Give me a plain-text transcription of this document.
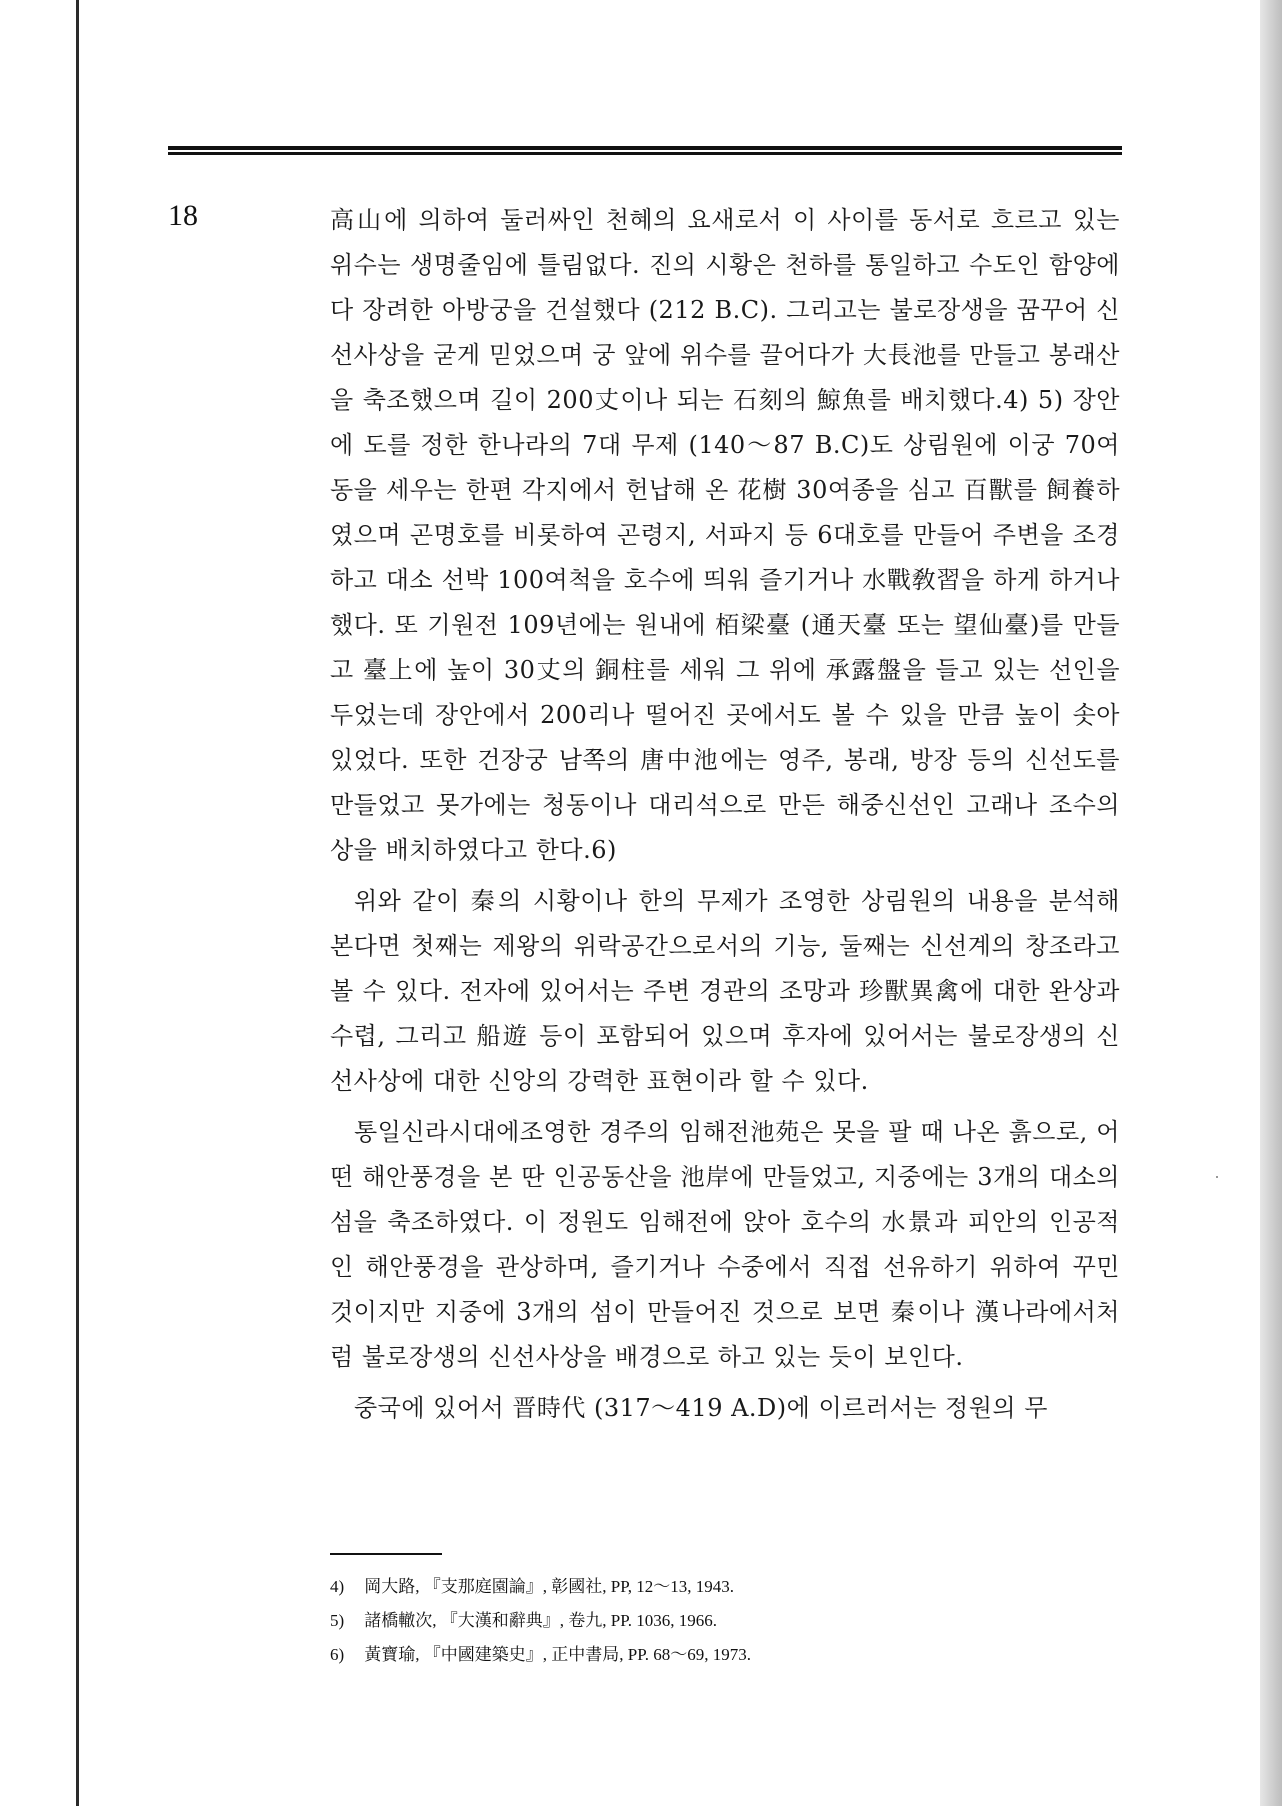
18	高山에 의하여 둘러싸인 천혜의 요새로서 이 사이를 동서로 흐르고 있는 위수는 생명줄임에 틀림없다. 진의 시황은 천하를 통일하고 수도인 함양에다 장려한 아방궁을 건설했다 (212 B.C). 그리고는 불로장생을 꿈꾸어 신선사상을 굳게 믿었으며 궁 앞에 위수를 끌어다가 大長池를 만들고 봉래산을 축조했으며 길이 200丈이나 되는 石刻의 鯨魚를 배치했다.4) 5) 장안에 도를 정한 한나라의 7대 무제 (140～87 B.C)도 상림원에 이궁 70여동을 세우는 한편 각지에서 헌납해 온 花樹 30여종을 심고 百獸를 飼養하였으며 곤명호를 비롯하여 곤령지, 서파지 등 6대호를 만들어 주변을 조경하고 대소 선박 100여척을 호수에 띄워 즐기거나 水戰敎習을 하게 하거나 했다. 또 기원전 109년에는 원내에 栢梁臺 (通天臺 또는 望仙臺)를 만들고 臺上에 높이 30丈의 銅柱를 세워 그 위에 承露盤을 들고 있는 선인을 두었는데 장안에서 200리나 떨어진 곳에서도 볼 수 있을 만큼 높이 솟아 있었다. 또한 건장궁 남쪽의 唐中池에는 영주, 봉래, 방장 등의 신선도를 만들었고 못가에는 청동이나 대리석으로 만든 해중신선인 고래나 조수의 상을 배치하였다고 한다.6)

위와 같이 秦의 시황이나 한의 무제가 조영한 상림원의 내용을 분석해 본다면 첫째는 제왕의 위락공간으로서의 기능, 둘째는 신선계의 창조라고 볼 수 있다. 전자에 있어서는 주변 경관의 조망과 珍獸異禽에 대한 완상과 수렵, 그리고 船遊 등이 포함되어 있으며 후자에 있어서는 불로장생의 신선사상에 대한 신앙의 강력한 표현이라 할 수 있다.

통일신라시대에조영한 경주의 임해전池苑은 못을 팔 때 나온 흙으로, 어떤 해안풍경을 본 딴 인공동산을 池岸에 만들었고, 지중에는 3개의 대소의 섬을 축조하였다. 이 정원도 임해전에 앉아 호수의 水景과 피안의 인공적인 해안풍경을 관상하며, 즐기거나 수중에서 직접 선유하기 위하여 꾸민 것이지만 지중에 3개의 섬이 만들어진 것으로 보면 秦이나 漢나라에서처럼 불로장생의 신선사상을 배경으로 하고 있는 듯이 보인다.

중국에 있어서 晋時代 (317～419 A.D)에 이르러서는 정원의 무

4) 岡大路, 『支那庭園論』, 彰國社, PP, 12～13, 1943.
5) 諸橋轍次, 『大漢和辭典』, 卷九, PP. 1036, 1966.
6) 黃寶瑜, 『中國建築史』, 正中書局, PP. 68～69, 1973.
